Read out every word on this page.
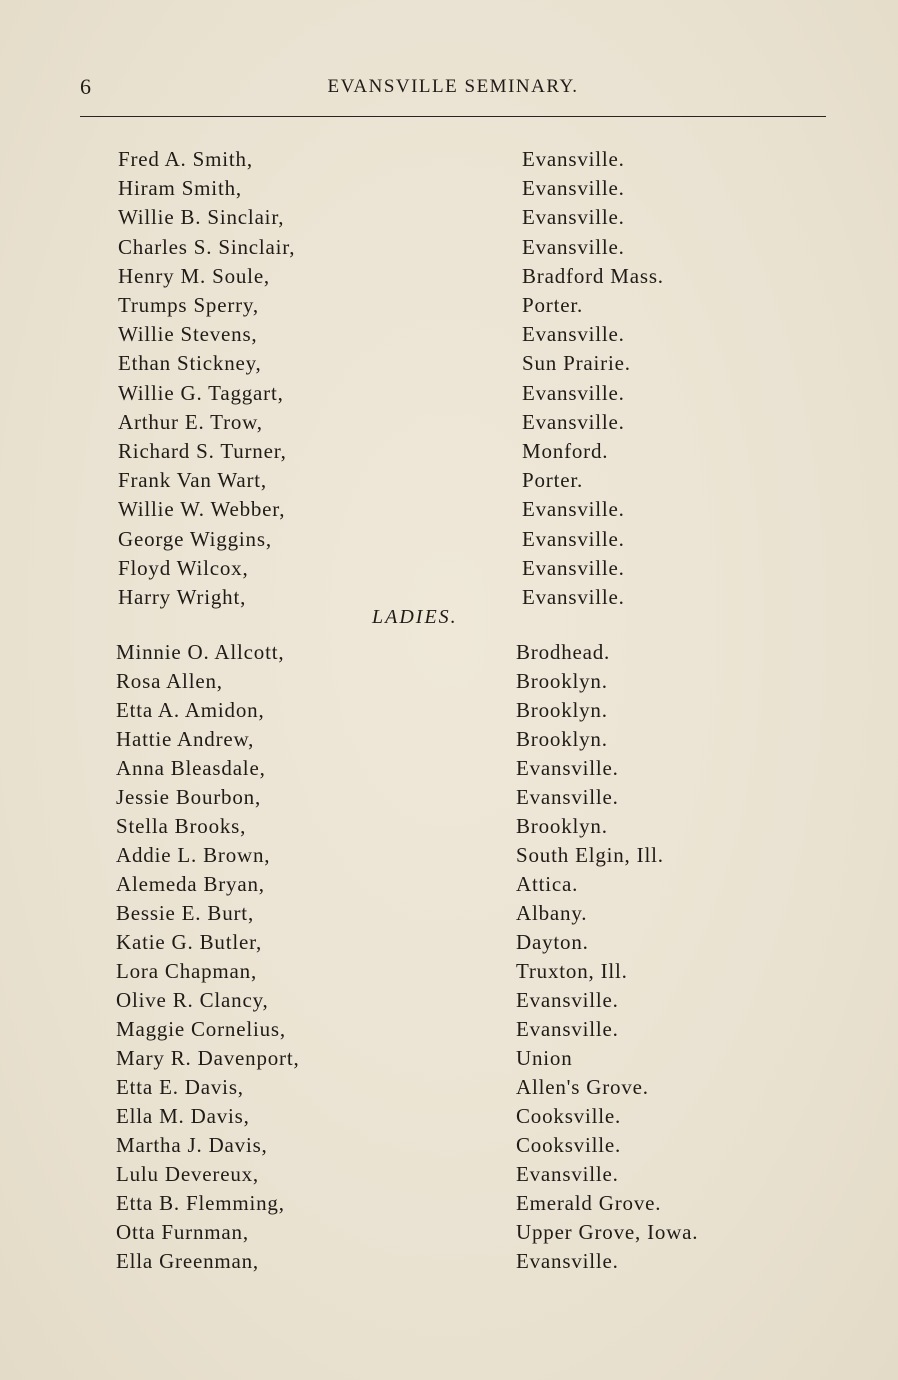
6	EVANSVILLE SEMINARY.
Fred A. Smith,	Evansville.
Hiram Smith,	Evansville.
Willie B. Sinclair,	Evansville.
Charles S. Sinclair,	Evansville.
Henry M. Soule,	Bradford Mass.
Trumps Sperry,	Porter.
Willie Stevens,	Evansville.
Ethan Stickney,	Sun Prairie.
Willie G. Taggart,	Evansville.
Arthur E. Trow,	Evansville.
Richard S. Turner,	Monford.
Frank Van Wart,	Porter.
Willie W. Webber,	Evansville.
George Wiggins,	Evansville.
Floyd Wilcox,	Evansville.
Harry Wright,	Evansville.
LADIES.
Minnie O. Allcott,	Brodhead.
Rosa Allen,	Brooklyn.
Etta A. Amidon,	Brooklyn.
Hattie Andrew,	Brooklyn.
Anna Bleasdale,	Evansville.
Jessie Bourbon,	Evansville.
Stella Brooks,	Brooklyn.
Addie L. Brown,	South Elgin, Ill.
Alemeda Bryan,	Attica.
Bessie E. Burt,	Albany.
Katie G. Butler,	Dayton.
Lora Chapman,	Truxton, Ill.
Olive R. Clancy,	Evansville.
Maggie Cornelius,	Evansville.
Mary R. Davenport,	Union
Etta E. Davis,	Allen's Grove.
Ella M. Davis,	Cooksville.
Martha J. Davis,	Cooksville.
Lulu Devereux,	Evansville.
Etta B. Flemming,	Emerald Grove.
Otta Furnman,	Upper Grove, Iowa.
Ella Greenman,	Evansville.
